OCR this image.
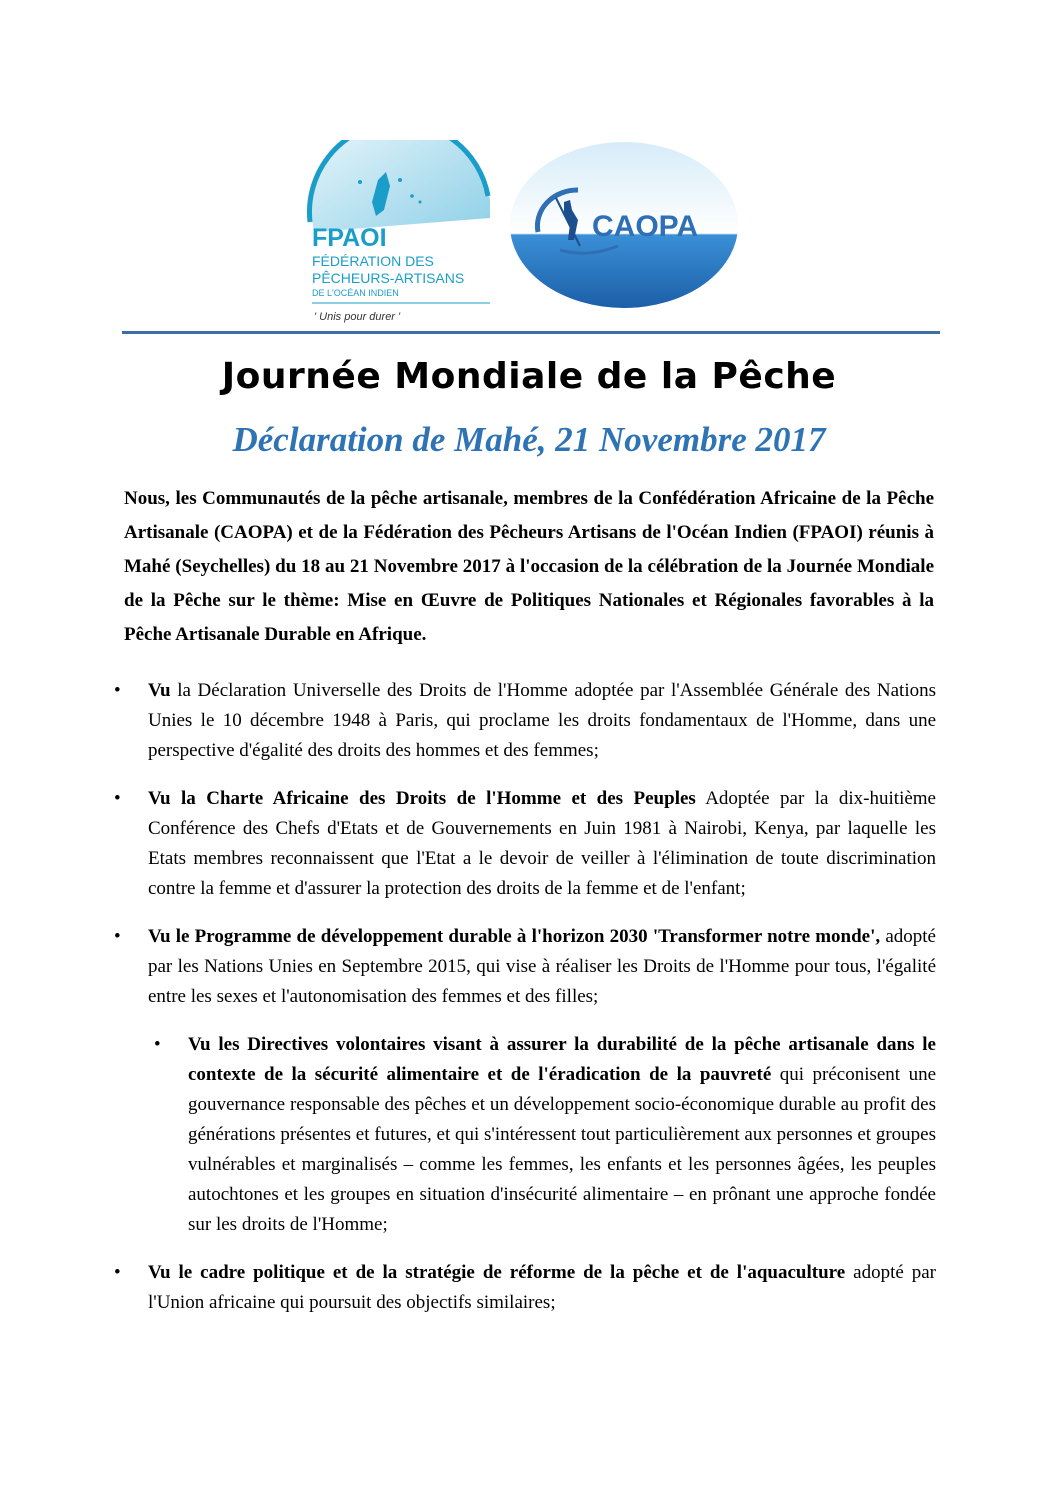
FPAOI
FÉDÉRATION DES
PÊCHEURS-ARTISANS
DE L'OCÉAN INDIEN
' Unis pour durer '
CAOPA
Journée Mondiale de la Pêche
Déclaration de Mahé, 21 Novembre 2017
Nous, les Communautés de la pêche artisanale, membres de la Confédération Africaine de la Pêche Artisanale (CAOPA) et de la Fédération des Pêcheurs Artisans de l'Océan Indien (FPAOI) réunis à Mahé (Seychelles) du 18 au 21 Novembre 2017 à l'occasion de la célébration de la Journée Mondiale de la Pêche sur le thème: Mise en Œuvre de Politiques Nationales et Régionales favorables à la Pêche Artisanale Durable en Afrique.
• Vu la Déclaration Universelle des Droits de l'Homme adoptée par l'Assemblée Générale des Nations Unies le 10 décembre 1948 à Paris, qui proclame les droits fondamentaux de l'Homme, dans une perspective d'égalité des droits des hommes et des femmes;
• Vu la Charte Africaine des Droits de l'Homme et des Peuples Adoptée par la dix-huitième Conférence des Chefs d'Etats et de Gouvernements en Juin 1981 à Nairobi, Kenya, par laquelle les Etats membres reconnaissent que l'Etat a le devoir de veiller à l'élimination de toute discrimination contre la femme et d'assurer la protection des droits de la femme et de l'enfant;
• Vu le Programme de développement durable à l'horizon 2030 'Transformer notre monde', adopté par les Nations Unies en Septembre 2015, qui vise à réaliser les Droits de l'Homme pour tous, l'égalité entre les sexes et l'autonomisation des femmes et des filles;
• Vu les Directives volontaires visant à assurer la durabilité de la pêche artisanale dans le contexte de la sécurité alimentaire et de l'éradication de la pauvreté qui préconisent une gouvernance responsable des pêches et un développement socio-économique durable au profit des générations présentes et futures, et qui s'intéressent tout particulièrement aux personnes et groupes vulnérables et marginalisés – comme les femmes, les enfants et les personnes âgées, les peuples autochtones et les groupes en situation d'insécurité alimentaire – en prônant une approche fondée sur les droits de l'Homme;
• Vu le cadre politique et de la stratégie de réforme de la pêche et de l'aquaculture adopté par l'Union africaine qui poursuit des objectifs similaires;
